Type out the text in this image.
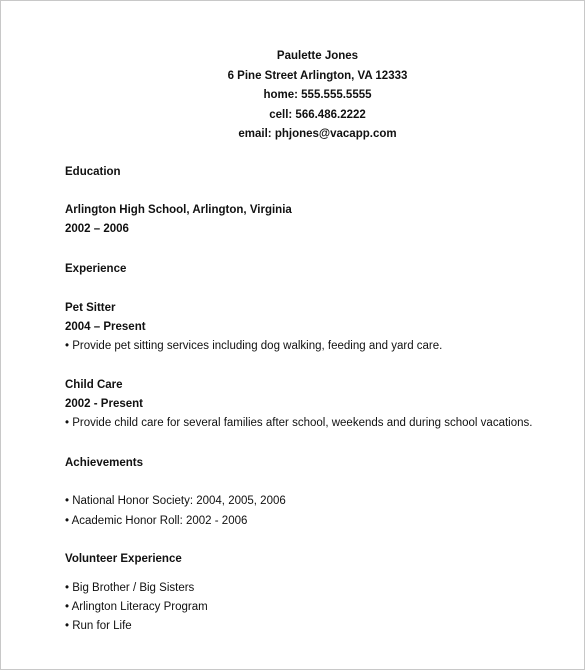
Paulette Jones
6 Pine Street Arlington, VA 12333
home: 555.555.5555
cell: 566.486.2222
email: phjones@vacapp.com
Education
Arlington High School, Arlington, Virginia
2002 – 2006
Experience
Pet Sitter
2004 – Present
• Provide pet sitting services including dog walking, feeding and yard care.
Child Care
2002 - Present
• Provide child care for several families after school, weekends and during school vacations.
Achievements
• National Honor Society: 2004, 2005, 2006
• Academic Honor Roll: 2002 - 2006
Volunteer Experience
• Big Brother / Big Sisters
• Arlington Literacy Program
• Run for Life
